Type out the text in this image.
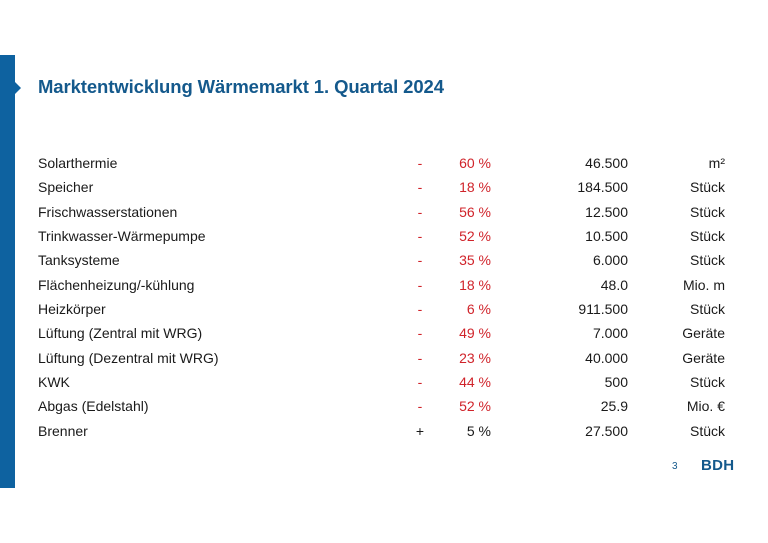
Marktentwicklung Wärmemarkt 1. Quartal 2024
Solarthermie	-	60 %	46.500	m²
Speicher	-	18 %	184.500	Stück
Frischwasserstationen	-	56 %	12.500	Stück
Trinkwasser-Wärmepumpe	-	52 %	10.500	Stück
Tanksysteme	-	35 %	6.000	Stück
Flächenheizung/-kühlung	-	18 %	48.0	Mio. m
Heizkörper	-	6 %	911.500	Stück
Lüftung (Zentral mit WRG)	-	49 %	7.000	Geräte
Lüftung (Dezentral mit WRG)	-	23 %	40.000	Geräte
KWK	-	44 %	500	Stück
Abgas (Edelstahl)	-	52 %	25.9	Mio. €
Brenner	+	5 %	27.500	Stück
3 BDH
